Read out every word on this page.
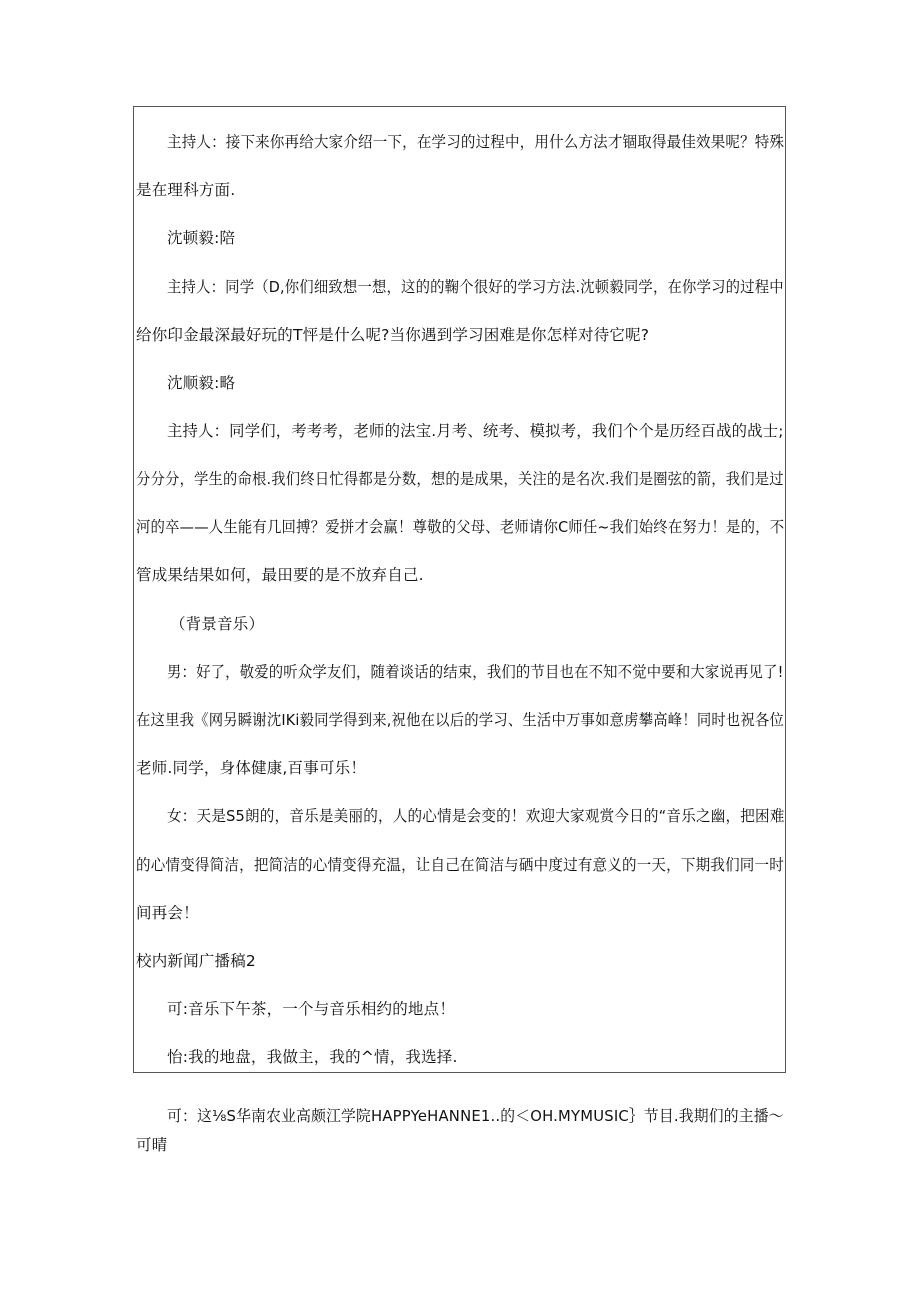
主持人：接下来你再给大家介绍一下，在学习的过程中，用什么方法才锢取得最佳效果呢？特殊
是在理科方面.
沈顿毅:陪
主持人：同学（D,你们细致想一想，这的的鞠个很好的学习方法.沈顿毅同学，在你学习的过程中
给你印金最深最好玩的T怦是什么呢?当你遇到学习困难是你怎样对待它呢?
沈顺毅:略
主持人：同学们，考考考，老师的法宝.月考、统考、模拟考，我们个个是历经百战的战士;
分分分，学生的命根.我们终日忙得都是分数，想的是成果，关注的是名次.我们是圈弦的箭，我们是过
河的卒——人生能有几回搏？爱拼才会赢！尊敬的父母、老师请你C师任~我们始终在努力！是的，不
管成果结果如何，最田要的是不放弃自己.
（背景音乐）
男：好了，敬爱的听众学友们，随着谈话的结束，我们的节目也在不知不觉中要和大家说再见了!
在这里我《网另瞬谢沈IKi毅同学得到来,祝他在以后的学习、生活中万事如意虏攀高峰！同时也祝各位
老师.同学，身体健康,百事可乐！
女：天是S5朗的，音乐是美丽的，人的心情是会变的！欢迎大家观赏今日的“音乐之幽，把困难
的心情变得简洁，把简洁的心情变得充温，让自己在简洁与硒中度过有意义的一天，下期我们同一时
间再会！
校内新闻广播稿2
可:音乐下午茶，一个与音乐相约的地点！
怡:我的地盘，我做主，我的^情，我选择.
可：这⅛S华南农业高颇江学院HAPPYeHANNE1..的＜OH.MYMUSIC｝节目.我期们的主播〜
可晴
